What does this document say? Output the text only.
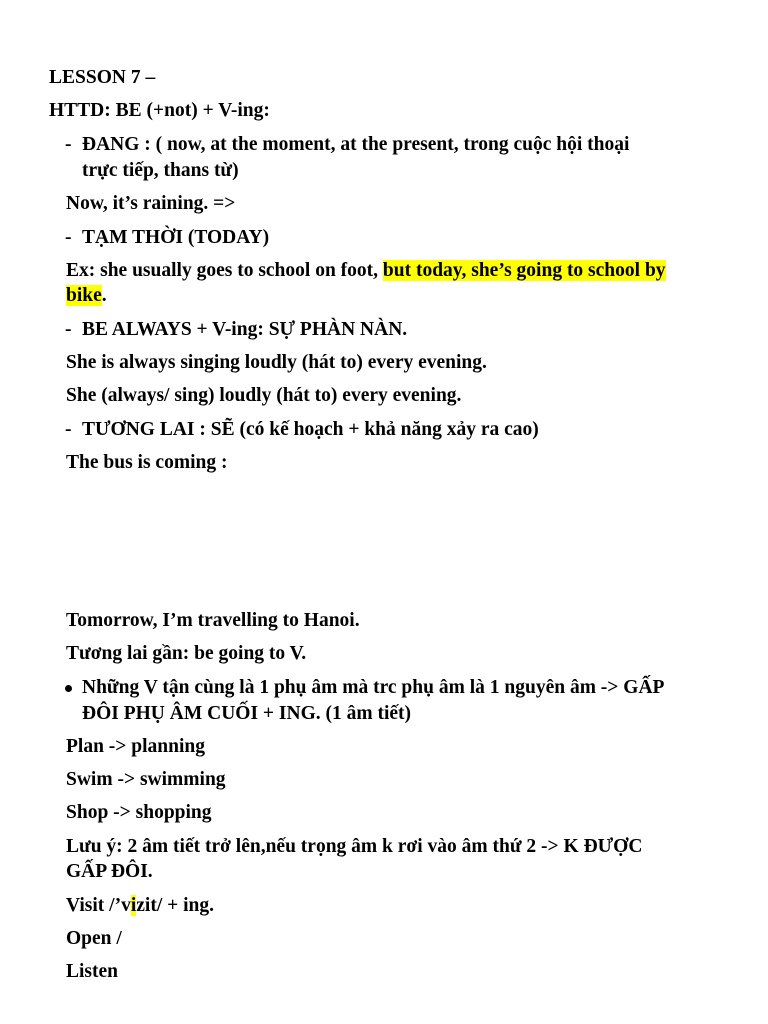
LESSON 7 –
HTTD: BE (+not) + V-ing:
- ĐANG : ( now, at the moment, at the present, trong cuộc hội thoại
trực tiếp, thans từ)
Now, it’s raining. =>
- TẠM THỜI (TODAY)
Ex: she usually goes to school on foot, but today, she’s going to school by
bike.
- BE ALWAYS + V-ing: SỰ PHÀN NÀN.
She is always singing loudly (hát to) every evening.
She (always/ sing) loudly (hát to) every evening.
- TƯƠNG LAI : SẼ (có kế hoạch + khả năng xảy ra cao)
The bus is coming :
Tomorrow, I’m travelling to Hanoi.
Tương lai gần: be going to V.
Những V tận cùng là 1 phụ âm mà trc phụ âm là 1 nguyên âm -> GẤP
ĐÔI PHỤ ÂM CUỐI + ING. (1 âm tiết)
Plan -> planning
Swim -> swimming
Shop -> shopping
Lưu ý: 2 âm tiết trở lên,nếu trọng âm k rơi vào âm thứ 2 -> K ĐƯỢC
GẤP ĐÔI.
Visit /’vizit/ + ing.
Open /
Listen
